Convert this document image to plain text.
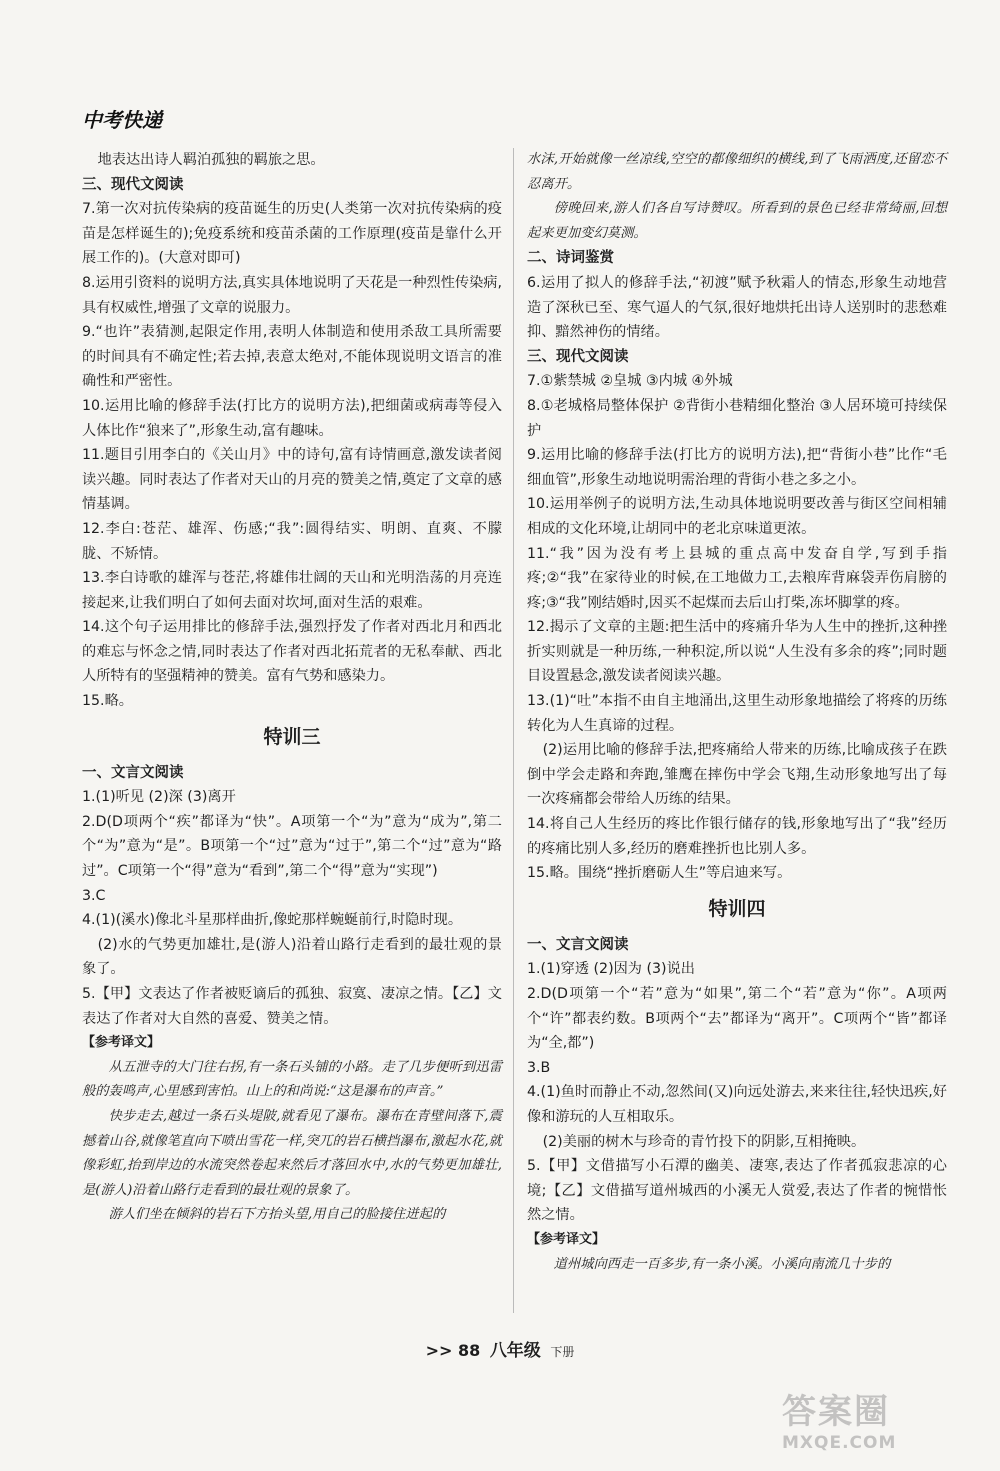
中考快递

地表达出诗人羁泊孤独的羁旅之思。

三、现代文阅读

7.第一次对抗传染病的疫苗诞生的历史(人类第一次对抗传染病的疫苗是怎样诞生的);免疫系统和疫苗杀菌的工作原理(疫苗是靠什么开展工作的)。(大意对即可)

8.运用引资料的说明方法,真实具体地说明了天花是一种烈性传染病,具有权威性,增强了文章的说服力。

9.“也许”表猜测,起限定作用,表明人体制造和使用杀敌工具所需要的时间具有不确定性;若去掉,表意太绝对,不能体现说明文语言的准确性和严密性。

10.运用比喻的修辞手法(打比方的说明方法),把细菌或病毒等侵入人体比作“狼来了”,形象生动,富有趣味。

11.题目引用李白的《关山月》中的诗句,富有诗情画意,激发读者阅读兴趣。同时表达了作者对天山的月亮的赞美之情,奠定了文章的感情基调。

12.李白:苍茫、雄浑、伤感;“我”:圆得结实、明朗、直爽、不朦胧、不矫情。

13.李白诗歌的雄浑与苍茫,将雄伟壮阔的天山和光明浩荡的月亮连接起来,让我们明白了如何去面对坎坷,面对生活的艰难。

14.这个句子运用排比的修辞手法,强烈抒发了作者对西北月和西北的难忘与怀念之情,同时表达了作者对西北拓荒者的无私奉献、西北人所特有的坚强精神的赞美。富有气势和感染力。

15.略。

特训三

一、文言文阅读

1.(1)听见 (2)深 (3)离开

2.D(D项两个“疾”都译为“快”。A项第一个“为”意为“成为”,第二个“为”意为“是”。B项第一个“过”意为“过于”,第二个“过”意为“路过”。C项第一个“得”意为“看到”,第二个“得”意为“实现”)

3.C

4.(1)(溪水)像北斗星那样曲折,像蛇那样蜿蜒前行,时隐时现。

(2)水的气势更加雄壮,是(游人)沿着山路行走看到的最壮观的景象了。

5.【甲】文表达了作者被贬谪后的孤独、寂寞、凄凉之情。【乙】文表达了作者对大自然的喜爱、赞美之情。

【参考译文】

从五泄寺的大门往右拐,有一条石头铺的小路。走了几步便听到迅雷般的轰鸣声,心里感到害怕。山上的和尚说:“这是瀑布的声音。”

快步走去,越过一条石头堤陂,就看见了瀑布。瀑布在青壁间落下,震撼着山谷,就像笔直向下喷出雪花一样,突兀的岩石横挡瀑布,激起水花,就像彩虹,抬到岸边的水流突然卷起来然后才落回水中,水的气势更加雄壮,是(游人)沿着山路行走看到的最壮观的景象了。

游人们坐在倾斜的岩石下方抬头望,用自己的脸接住迸起的

水沫,开始就像一丝凉线,空空的都像细织的横线,到了飞雨洒度,还留恋不忍离开。

傍晚回来,游人们各自写诗赞叹。所看到的景色已经非常绮丽,回想起来更加变幻莫测。

二、诗词鉴赏

6.运用了拟人的修辞手法,“初渡”赋予秋霜人的情态,形象生动地营造了深秋已至、寒气逼人的气氛,很好地烘托出诗人送别时的悲愁难抑、黯然神伤的情绪。

三、现代文阅读

7.①紫禁城 ②皇城 ③内城 ④外城

8.①老城格局整体保护 ②背街小巷精细化整治 ③人居环境可持续保护

9.运用比喻的修辞手法(打比方的说明方法),把“背街小巷”比作“毛细血管”,形象生动地说明需治理的背街小巷之多之小。

10.运用举例子的说明方法,生动具体地说明要改善与街区空间相辅相成的文化环境,让胡同中的老北京味道更浓。

11.“我”因为没有考上县城的重点高中发奋自学,写到手指疼;②“我”在家待业的时候,在工地做力工,去粮库背麻袋弄伤肩膀的疼;③“我”刚结婚时,因买不起煤而去后山打柴,冻坏脚掌的疼。

12.揭示了文章的主题:把生活中的疼痛升华为人生中的挫折,这种挫折实则就是一种历练,一种积淀,所以说“人生没有多余的疼”;同时题目设置悬念,激发读者阅读兴趣。

13.(1)“吐”本指不由自主地涌出,这里生动形象地描绘了将疼的历练转化为人生真谛的过程。

(2)运用比喻的修辞手法,把疼痛给人带来的历练,比喻成孩子在跌倒中学会走路和奔跑,雏鹰在摔伤中学会飞翔,生动形象地写出了每一次疼痛都会带给人历练的结果。

14.将自己人生经历的疼比作银行储存的钱,形象地写出了“我”经历的疼痛比别人多,经历的磨难挫折也比别人多。

15.略。围绕“挫折磨砺人生”等启迪来写。

特训四

一、文言文阅读

1.(1)穿透 (2)因为 (3)说出

2.D(D项第一个“若”意为“如果”,第二个“若”意为“你”。A项两个“许”都表约数。B项两个“去”都译为“离开”。C项两个“皆”都译为“全,都”)

3.B

4.(1)鱼时而静止不动,忽然间(又)向远处游去,来来往往,轻快迅疾,好像和游玩的人互相取乐。

(2)美丽的树木与珍奇的青竹投下的阴影,互相掩映。

5.【甲】文借描写小石潭的幽美、凄寒,表达了作者孤寂悲凉的心境;【乙】文借描写道州城西的小溪无人赏爱,表达了作者的惋惜怅然之情。

【参考译文】

道州城向西走一百多步,有一条小溪。小溪向南流几十步的

>> 88 八年级 下册
答案圈
MXQE.COM
